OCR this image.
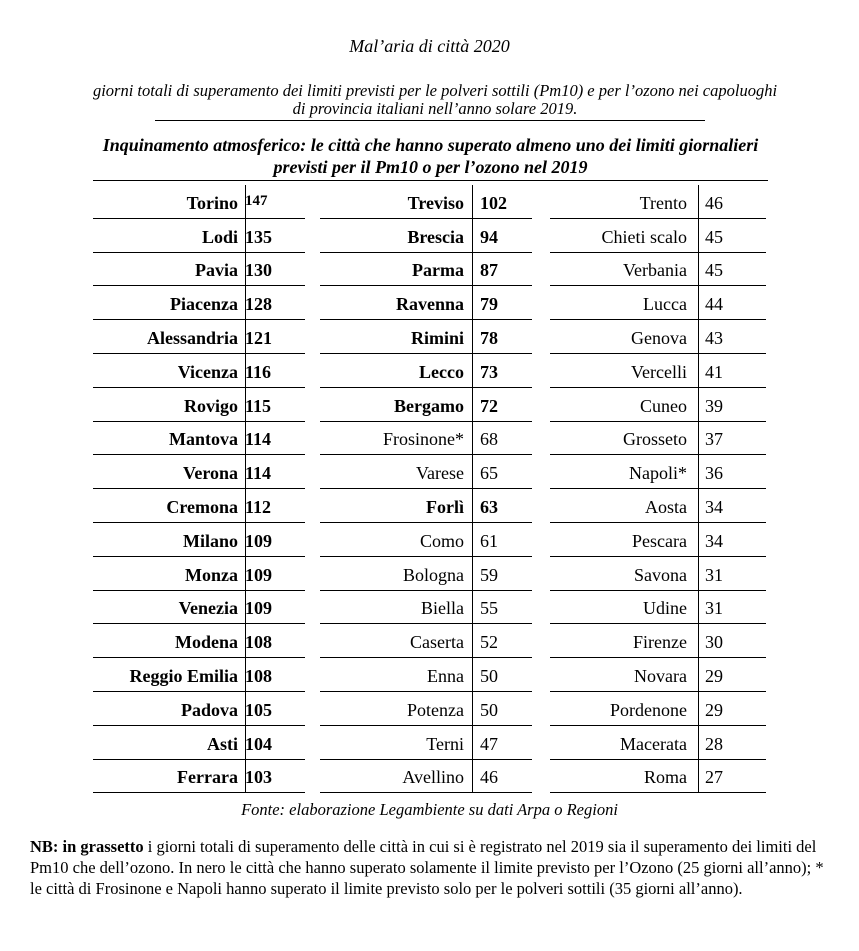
Mal’aria di città 2020
giorni totali di superamento dei limiti previsti per le polveri sottili (Pm10) e per l’ozono nei capoluoghi di provincia italiani nell’anno solare 2019.
Inquinamento atmosferico: le città che hanno superato almeno uno dei limiti giornalieri previsti per il Pm10 o per l’ozono nel 2019
Torino 147
Lodi 135
Pavia 130
Piacenza 128
Alessandria 121
Vicenza 116
Rovigo 115
Mantova 114
Verona 114
Cremona 112
Milano 109
Monza 109
Venezia 109
Modena 108
Reggio Emilia 108
Padova 105
Asti 104
Ferrara 103
Treviso 102
Brescia 94
Parma 87
Ravenna 79
Rimini 78
Lecco 73
Bergamo 72
Frosinone* 68
Varese 65
Forlì 63
Como 61
Bologna 59
Biella 55
Caserta 52
Enna 50
Potenza 50
Terni 47
Avellino 46
Trento 46
Chieti scalo 45
Verbania 45
Lucca 44
Genova 43
Vercelli 41
Cuneo 39
Grosseto 37
Napoli* 36
Aosta 34
Pescara 34
Savona 31
Udine 31
Firenze 30
Novara 29
Pordenone 29
Macerata 28
Roma 27
Fonte: elaborazione Legambiente su dati Arpa o Regioni
NB: in grassetto i giorni totali di superamento delle città in cui si è registrato nel 2019 sia il superamento dei limiti del Pm10 che dell’ozono. In nero le città che hanno superato solamente il limite previsto per l’Ozono (25 giorni all’anno); * le città di Frosinone e Napoli hanno superato il limite previsto solo per le polveri sottili (35 giorni all’anno).
